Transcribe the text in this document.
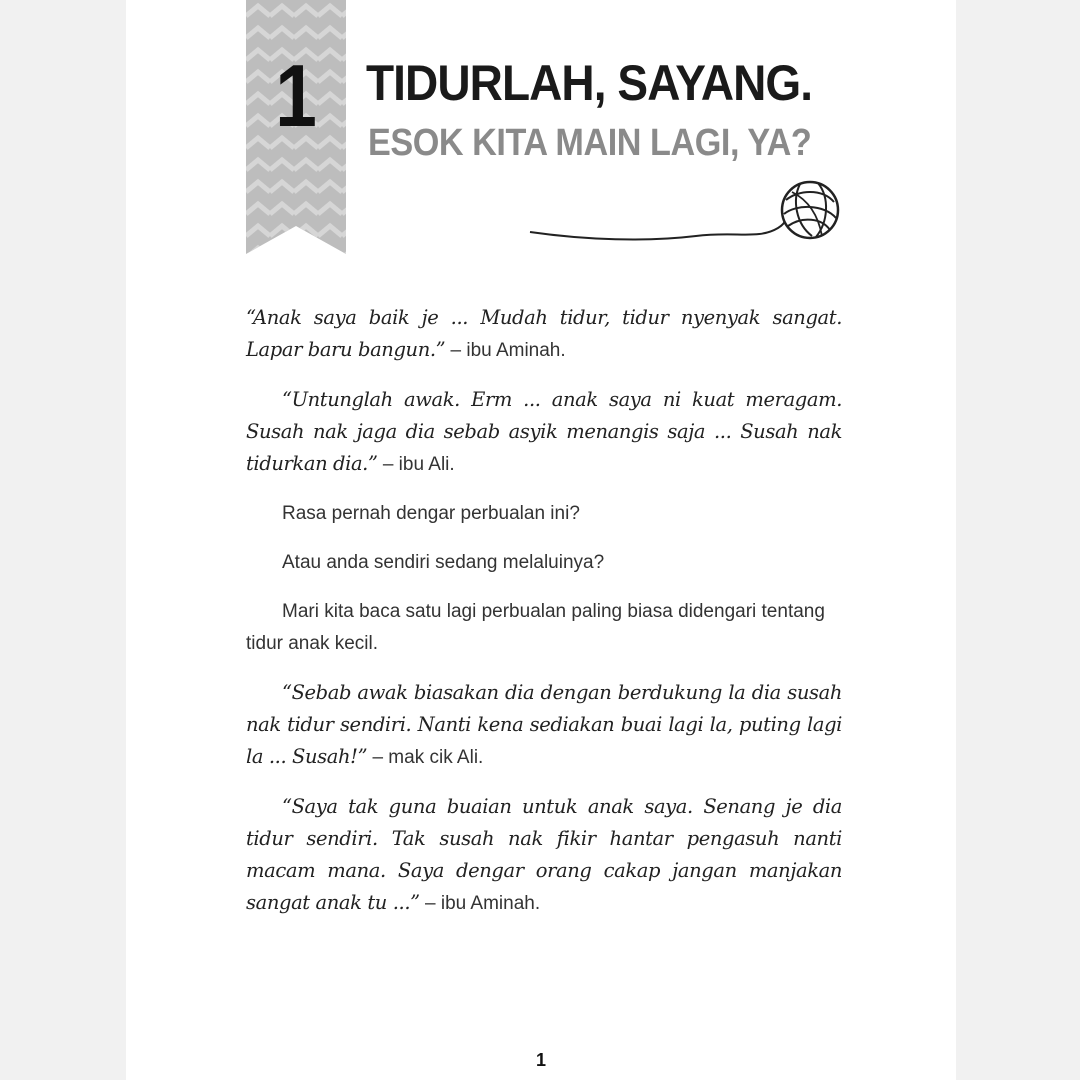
1 TIDURLAH, SAYANG.
ESOK KITA MAIN LAGI, YA?

“Anak saya baik je ... Mudah tidur, tidur nyenyak sangat. Lapar baru bangun.” – ibu Aminah.

“Untunglah awak. Erm ... anak saya ni kuat meragam. Susah nak jaga dia sebab asyik menangis saja ... Susah nak tidurkan dia.” – ibu Ali.

Rasa pernah dengar perbualan ini?

Atau anda sendiri sedang melaluinya?

Mari kita baca satu lagi perbualan paling biasa didengari tentang tidur anak kecil.

“Sebab awak biasakan dia dengan berdukung la dia susah nak tidur sendiri. Nanti kena sediakan buai lagi la, puting lagi la ... Susah!” – mak cik Ali.

“Saya tak guna buaian untuk anak saya. Senang je dia tidur sendiri. Tak susah nak fikir hantar pengasuh nanti macam mana. Saya dengar orang cakap jangan manjakan sangat anak tu ...” – ibu Aminah.

1
